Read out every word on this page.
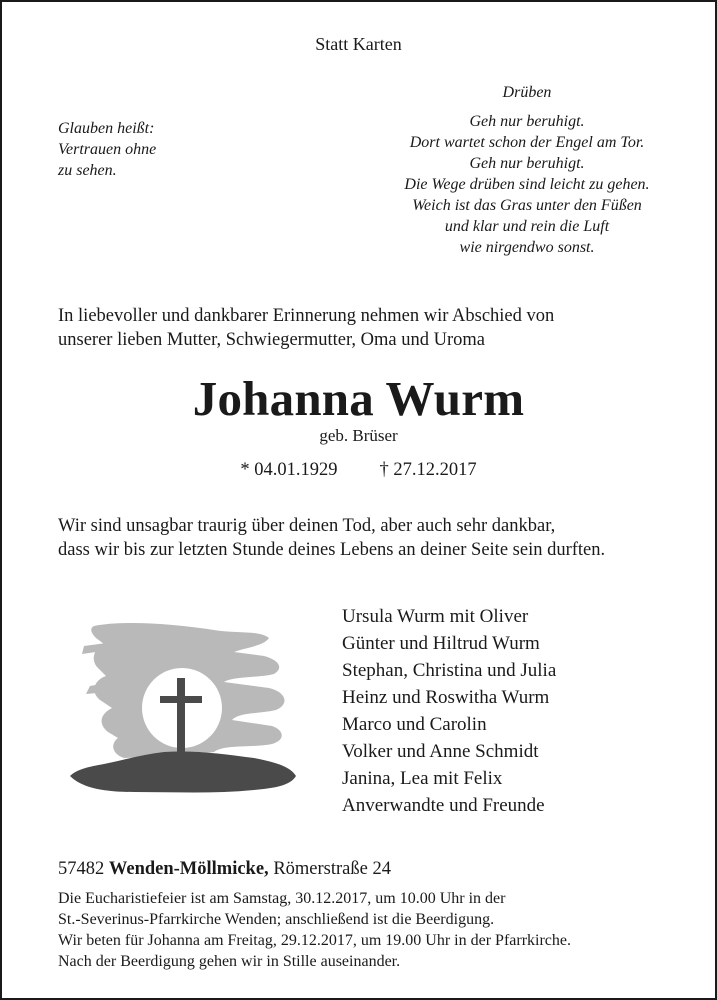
Statt Karten
Glauben heißt:
Vertrauen ohne
zu sehen.
Drüben
Geh nur beruhigt.
Dort wartet schon der Engel am Tor.
Geh nur beruhigt.
Die Wege drüben sind leicht zu gehen.
Weich ist das Gras unter den Füßen
und klar und rein die Luft
wie nirgendwo sonst.
In liebevoller und dankbarer Erinnerung nehmen wir Abschied von
unserer lieben Mutter, Schwiegermutter, Oma und Uroma
Johanna Wurm
geb. Brüser
* 04.01.1929 † 27.12.2017
Wir sind unsagbar traurig über deinen Tod, aber auch sehr dankbar,
dass wir bis zur letzten Stunde deines Lebens an deiner Seite sein durften.
Ursula Wurm mit Oliver
Günter und Hiltrud Wurm
Stephan, Christina und Julia
Heinz und Roswitha Wurm
Marco und Carolin
Volker und Anne Schmidt
Janina, Lea mit Felix
Anverwandte und Freunde
57482 Wenden-Möllmicke, Römerstraße 24
Die Eucharistiefeier ist am Samstag, 30.12.2017, um 10.00 Uhr in der
St.-Severinus-Pfarrkirche Wenden; anschließend ist die Beerdigung.
Wir beten für Johanna am Freitag, 29.12.2017, um 19.00 Uhr in der Pfarrkirche.
Nach der Beerdigung gehen wir in Stille auseinander.
